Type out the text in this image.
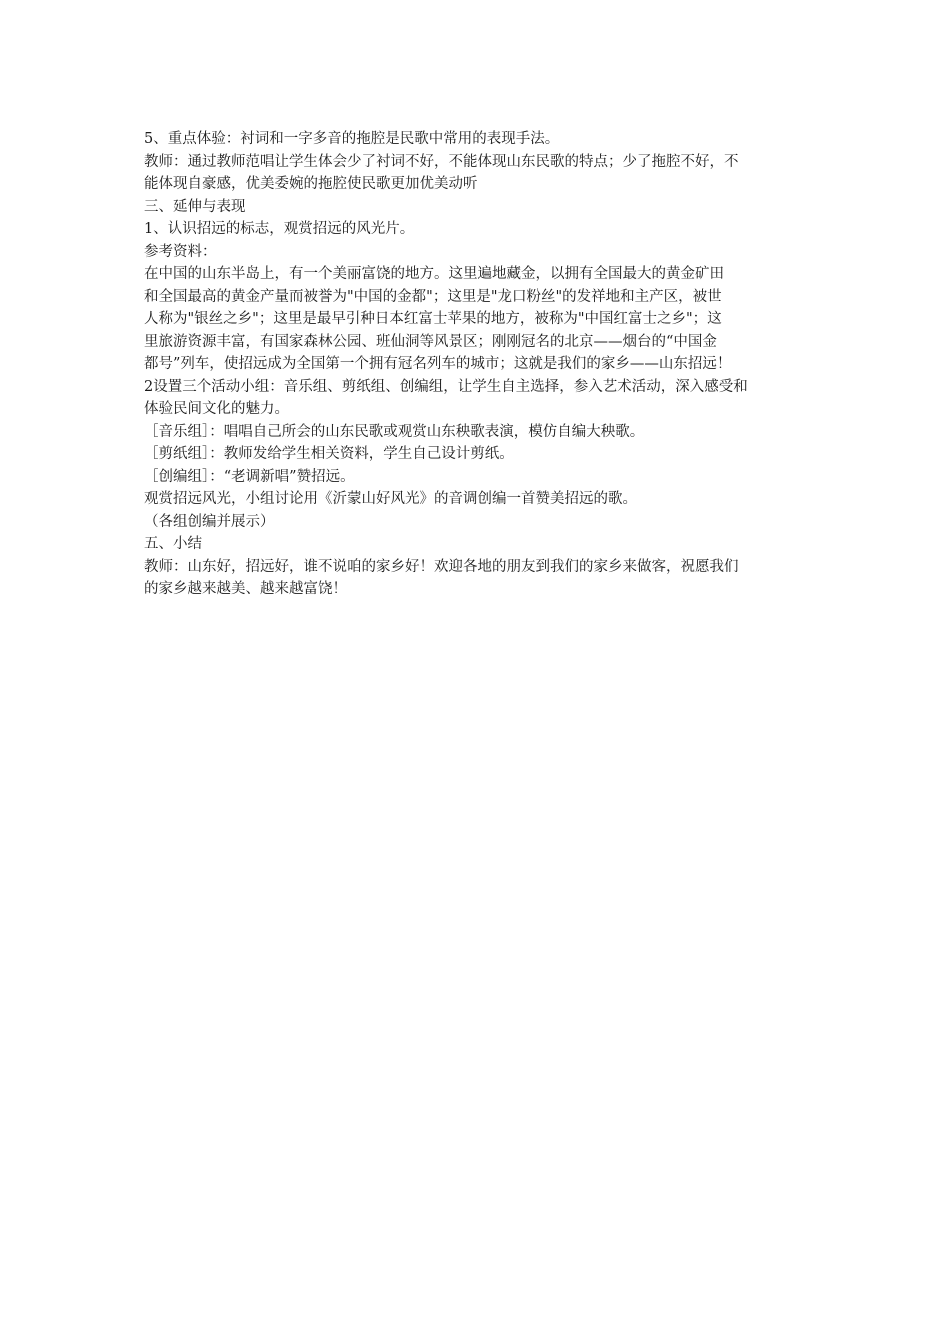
5、重点体验：衬词和一字多音的拖腔是民歌中常用的表现手法。

教师：通过教师范唱让学生体会少了衬词不好，不能体现山东民歌的特点；少了拖腔不好，不

能体现自豪感，优美委婉的拖腔使民歌更加优美动听

三、延伸与表现

1、认识招远的标志，观赏招远的风光片。

参考资料：

在中国的山东半岛上，有一个美丽富饶的地方。这里遍地藏金，以拥有全国最大的黄金矿田

和全国最高的黄金产量而被誉为"中国的金都"；这里是"龙口粉丝"的发祥地和主产区，被世

人称为"银丝之乡"；这里是最早引种日本红富士苹果的地方，被称为"中国红富士之乡"；这

里旅游资源丰富，有国家森林公园、班仙洞等风景区；刚刚冠名的北京——烟台的“中国金

都号”列车，使招远成为全国第一个拥有冠名列车的城市；这就是我们的家乡——山东招远！

2设置三个活动小组：音乐组、剪纸组、创编组，让学生自主选择，参入艺术活动，深入感受和

体验民间文化的魅力。

［音乐组］：唱唱自己所会的山东民歌或观赏山东秧歌表演，模仿自编大秧歌。

［剪纸组］：教师发给学生相关资料，学生自己设计剪纸。

［创编组］：“老调新唱”赞招远。

观赏招远风光，小组讨论用《沂蒙山好风光》的音调创编一首赞美招远的歌。

（各组创编并展示）

五、小结

教师：山东好，招远好，谁不说咱的家乡好！欢迎各地的朋友到我们的家乡来做客，祝愿我们

的家乡越来越美、越来越富饶！
